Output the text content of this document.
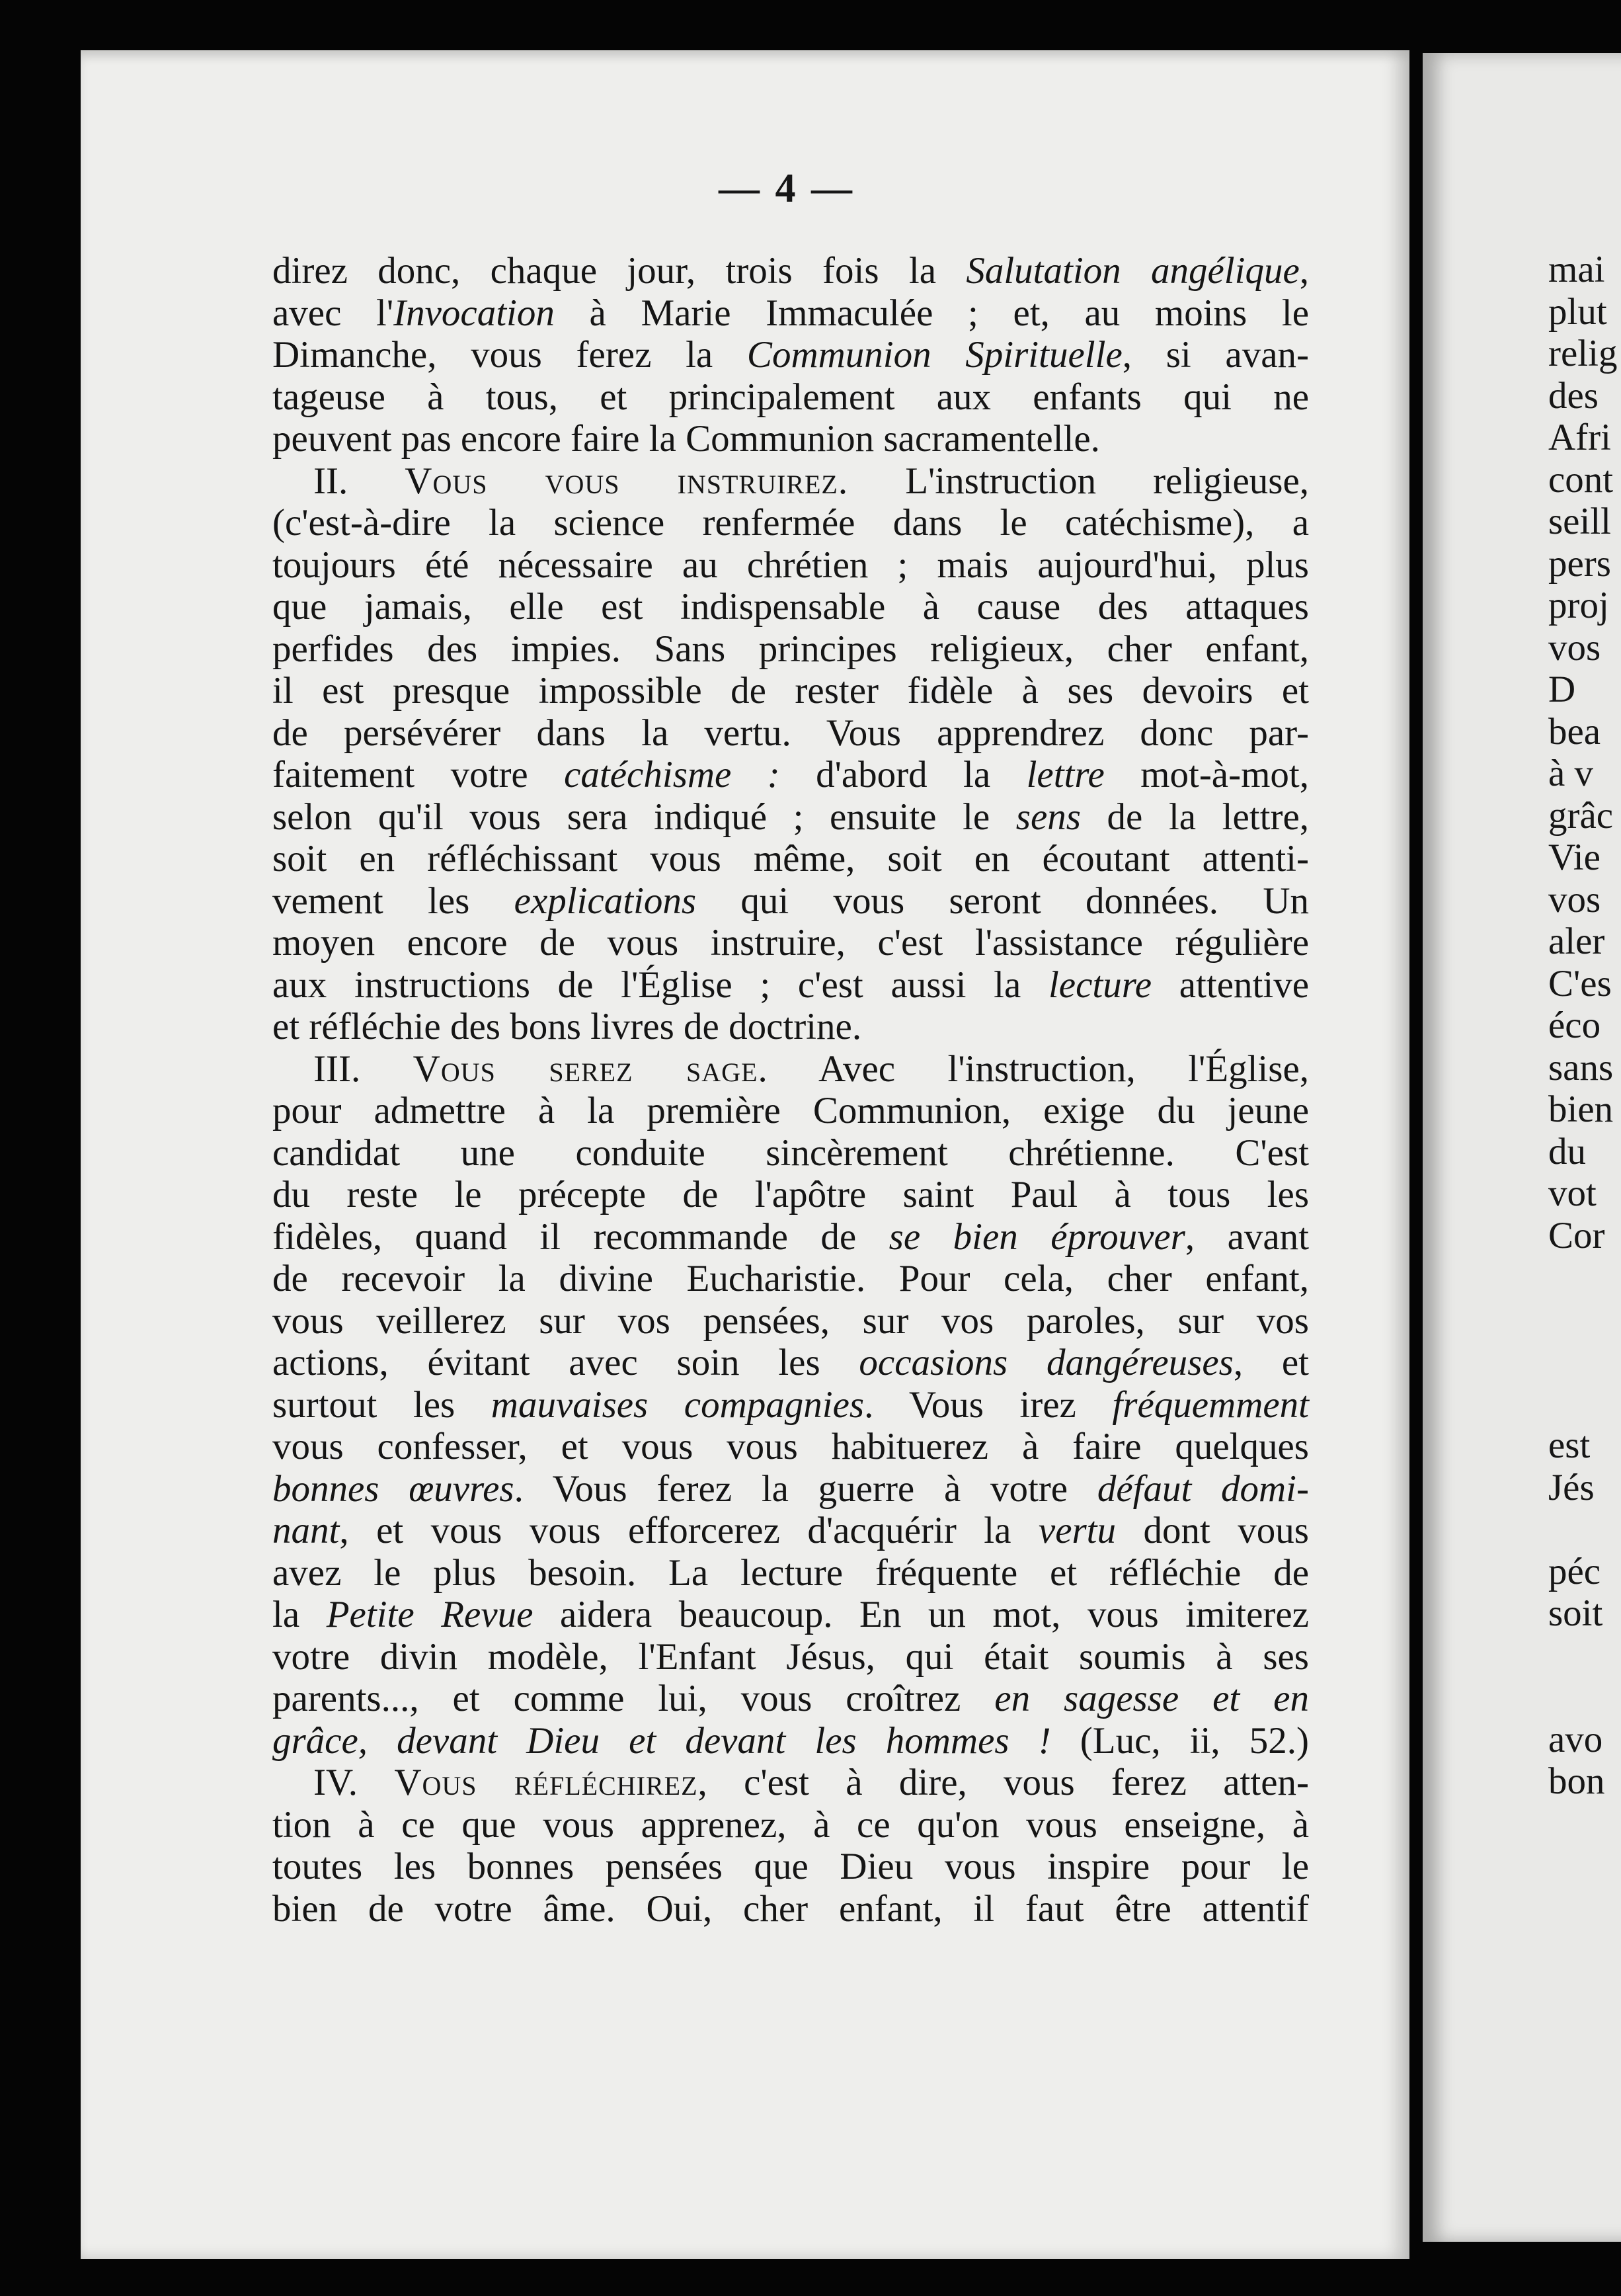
— 4 —
direz donc, chaque jour, trois fois la Salutation angélique,
avec l'Invocation à Marie Immaculée ; et, au moins le
Dimanche, vous ferez la Communion Spirituelle, si avan-
tageuse à tous, et principalement aux enfants qui ne
peuvent pas encore faire la Communion sacramentelle.
II. Vous vous instruirez. L'instruction religieuse,
(c'est-à-dire la science renfermée dans le catéchisme), a
toujours été nécessaire au chrétien ; mais aujourd'hui, plus
que jamais, elle est indispensable à cause des attaques
perfides des impies. Sans principes religieux, cher enfant,
il est presque impossible de rester fidèle à ses devoirs et
de persévérer dans la vertu. Vous apprendrez donc par-
faitement votre catéchisme : d'abord la lettre mot-à-mot,
selon qu'il vous sera indiqué ; ensuite le sens de la lettre,
soit en réfléchissant vous même, soit en écoutant attenti-
vement les explications qui vous seront données. Un
moyen encore de vous instruire, c'est l'assistance régulière
aux instructions de l'Église ; c'est aussi la lecture attentive
et réfléchie des bons livres de doctrine.
III. Vous serez sage. Avec l'instruction, l'Église,
pour admettre à la première Communion, exige du jeune
candidat une conduite sincèrement chrétienne. C'est
du reste le précepte de l'apôtre saint Paul à tous les
fidèles, quand il recommande de se bien éprouver, avant
de recevoir la divine Eucharistie. Pour cela, cher enfant,
vous veillerez sur vos pensées, sur vos paroles, sur vos
actions, évitant avec soin les occasions dangéreuses, et
surtout les mauvaises compagnies. Vous irez fréquemment
vous confesser, et vous vous habituerez à faire quelques
bonnes œuvres. Vous ferez la guerre à votre défaut domi-
nant, et vous vous efforcerez d'acquérir la vertu dont vous
avez le plus besoin. La lecture fréquente et réfléchie de
la Petite Revue aidera beaucoup. En un mot, vous imiterez
votre divin modèle, l'Enfant Jésus, qui était soumis à ses
parents..., et comme lui, vous croîtrez en sagesse et en
grâce, devant Dieu et devant les hommes ! (Luc, ii, 52.)
IV. Vous réfléchirez, c'est à dire, vous ferez atten-
tion à ce que vous apprenez, à ce qu'on vous enseigne, à
toutes les bonnes pensées que Dieu vous inspire pour le
bien de votre âme. Oui, cher enfant, il faut être attentif
mai
plut
relig
des
Afri
cont
seill
pers
proj
vos
D
bea
à v
grâc
Vie
vos
aler
C'es
éco
sans
bien
du
vot
Cor
est
Jés
péc
soit
avo
bon
